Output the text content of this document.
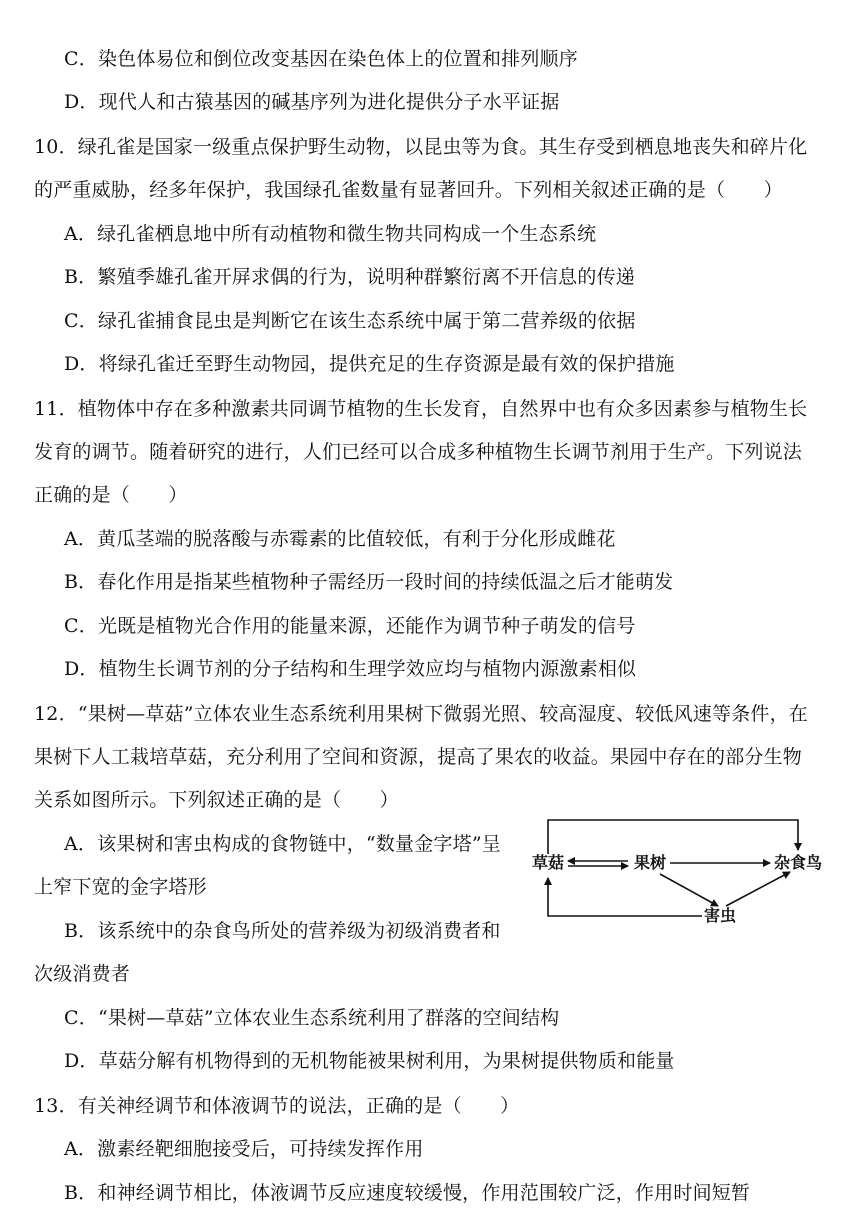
C．染色体易位和倒位改变基因在染色体上的位置和排列顺序
D．现代人和古猿基因的碱基序列为进化提供分子水平证据
10．绿孔雀是国家一级重点保护野生动物，以昆虫等为食。其生存受到栖息地丧失和碎片化
的严重威胁，经多年保护，我国绿孔雀数量有显著回升。下列相关叙述正确的是（　　）
A．绿孔雀栖息地中所有动植物和微生物共同构成一个生态系统
B．繁殖季雄孔雀开屏求偶的行为，说明种群繁衍离不开信息的传递
C．绿孔雀捕食昆虫是判断它在该生态系统中属于第二营养级的依据
D．将绿孔雀迁至野生动物园，提供充足的生存资源是最有效的保护措施
11．植物体中存在多种激素共同调节植物的生长发育，自然界中也有众多因素参与植物生长
发育的调节。随着研究的进行，人们已经可以合成多种植物生长调节剂用于生产。下列说法
正确的是（　　）
A．黄瓜茎端的脱落酸与赤霉素的比值较低，有利于分化形成雌花
B．春化作用是指某些植物种子需经历一段时间的持续低温之后才能萌发
C．光既是植物光合作用的能量来源，还能作为调节种子萌发的信号
D．植物生长调节剂的分子结构和生理学效应均与植物内源激素相似
12．“果树—草菇”立体农业生态系统利用果树下微弱光照、较高湿度、较低风速等条件，在
果树下人工栽培草菇，充分利用了空间和资源，提高了果农的收益。果园中存在的部分生物
关系如图所示。下列叙述正确的是（　　）
A．该果树和害虫构成的食物链中，“数量金字塔”呈
上窄下宽的金字塔形
B．该系统中的杂食鸟所处的营养级为初级消费者和
次级消费者
C．“果树—草菇”立体农业生态系统利用了群落的空间结构
D．草菇分解有机物得到的无机物能被果树利用，为果树提供物质和能量
草菇	果树	杂食鸟
害虫
13．有关神经调节和体液调节的说法，正确的是（　　）
A．激素经靶细胞接受后，可持续发挥作用
B．和神经调节相比，体液调节反应速度较缓慢，作用范围较广泛，作用时间短暂
